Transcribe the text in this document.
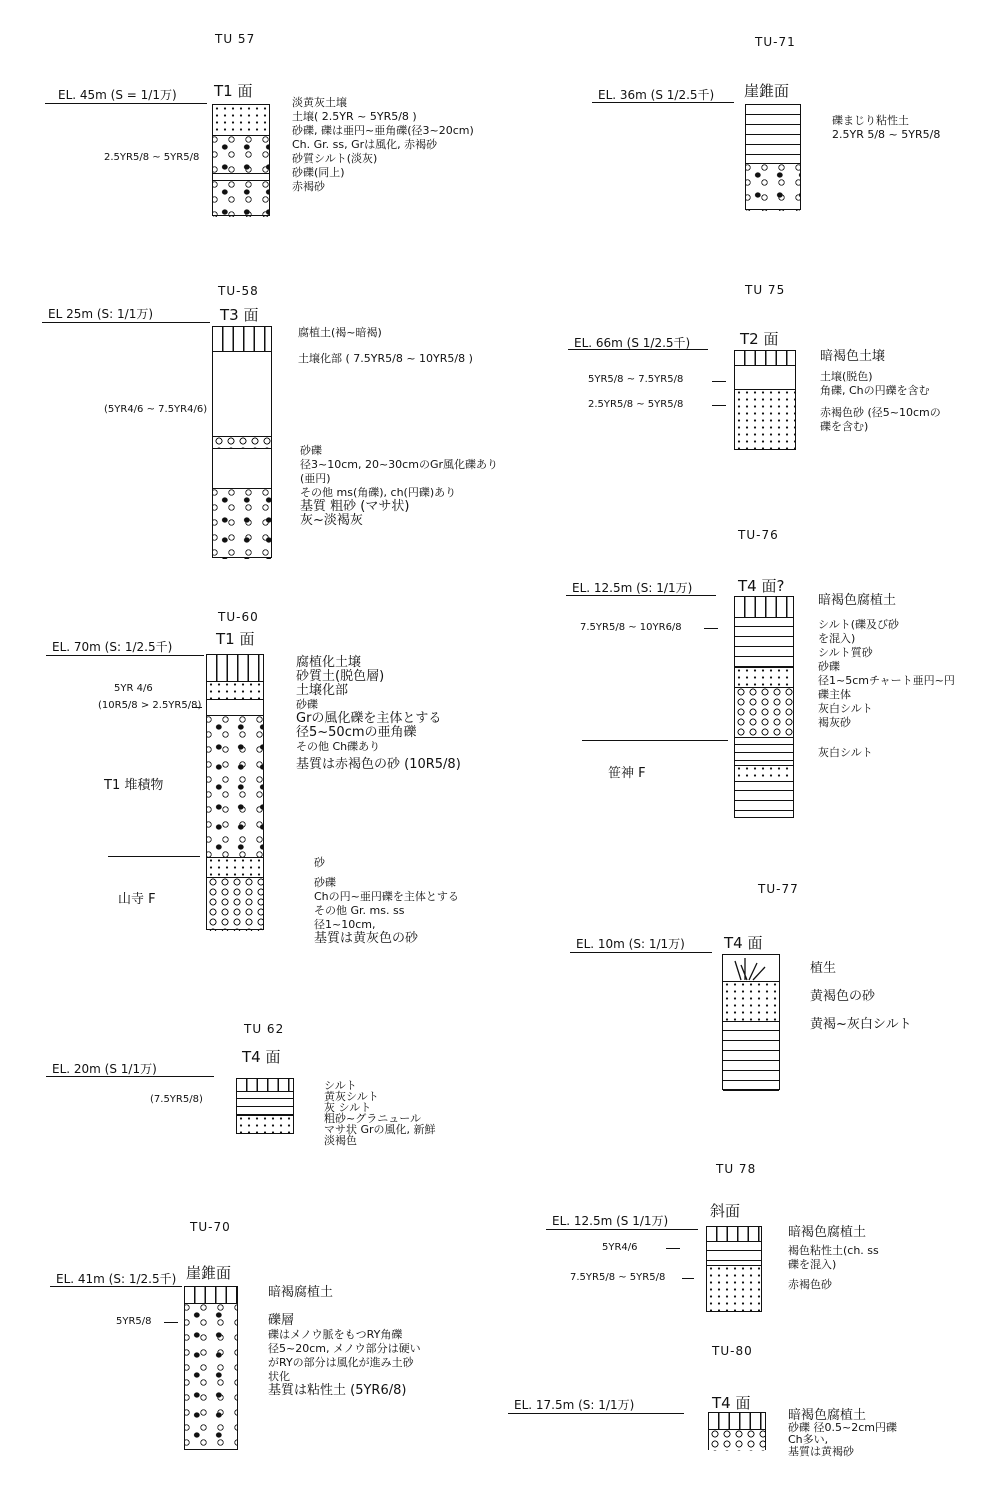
TU 57
EL. 45m (S = 1/1万) T1 面
2.5YR5/8 ~ 5YR5/8
淡黄灰土壌
土壌( 2.5YR ~ 5YR5/8 )
砂礫, 礫は亜円~亜角礫(径3~20cm)
Ch. Gr. ss, Grは風化, 赤褐砂
砂質シルト(淡灰)
砂礫(同上)
赤褐砂
TU-71
EL. 36m (S 1/2.5千) 崖錐面
礫まじり粘性土
2.5YR 5/8 ~ 5YR5/8
TU-58
EL 25m (S: 1/1万)	T3 面
(5YR4/6 ~ 7.5YR4/6)
腐植土(褐~暗褐)
土壌化部 ( 7.5YR5/8 ~ 10YR5/8 )
砂礫
径3~10cm, 20~30cmのGr風化礫あり
(亜円)
その他 ms(角礫), ch(円礫)あり
基質 粗砂 (マサ状)
灰~淡褐灰
TU 75
EL. 66m (S 1/2.5千)	T2 面
5YR5/8 ~ 7.5YR5/8
2.5YR5/8 ~ 5YR5/8
暗褐色土壌
土壌(脱色)
角礫, Chの円礫を含む
赤褐色砂 (径5~10cmの
礫を含む)
TU-76
EL. 12.5m (S: 1/1万)	T4 面?
7.5YR5/8 ~ 10YR6/8
笹神 F
暗褐色腐植土
シルト(礫及び砂
を混入)
シルト質砂
砂礫
径1~5cmチャート亜円~円
礫主体
灰白シルト
褐灰砂
灰白シルト
TU-60
EL. 70m (S: 1/2.5千)	T1 面
5YR 4/6
(10R5/8 > 2.5YR5/8)
T1 堆積物
山寺 F
腐植化土壌
砂質土(脱色層)
土壌化部
砂礫
Grの風化礫を主体とする
径5~50cmの亜角礫
その他 Ch礫あり
基質は赤褐色の砂 (10R5/8)
砂
砂礫
Chの円~亜円礫を主体とする
その他 Gr. ms. ss
径1~10cm,
基質は黄灰色の砂
TU-77
EL. 10m (S: 1/1万)	T4 面
植生
黄褐色の砂
黄褐~灰白シルト
TU 62
EL. 20m (S 1/1万)
T4 面
(7.5YR5/8)
シルト
黄灰シルト
灰 シルト
粗砂~グラニュール
マサ状 Grの風化, 新鮮
淡褐色
TU 78
EL. 12.5m (S 1/1万)
斜面
5YR4/6
7.5YR5/8 ~ 5YR5/8
暗褐色腐植土
褐色粘性土(ch. ss
礫を混入)
赤褐色砂
TU-70
EL. 41m (S: 1/2.5千) 崖錐面
5YR5/8
暗褐腐植土
礫層
礫はメノウ脈をもつRY角礫
径5~20cm, メノウ部分は硬い
がRYの部分は風化が進み土砂
状化
基質は粘性土 (5YR6/8)
TU-80
EL. 17.5m (S: 1/1万)	T4 面
暗褐色腐植土
砂礫 径0.5~2cm円礫
Ch多い,
基質は黄褐砂
